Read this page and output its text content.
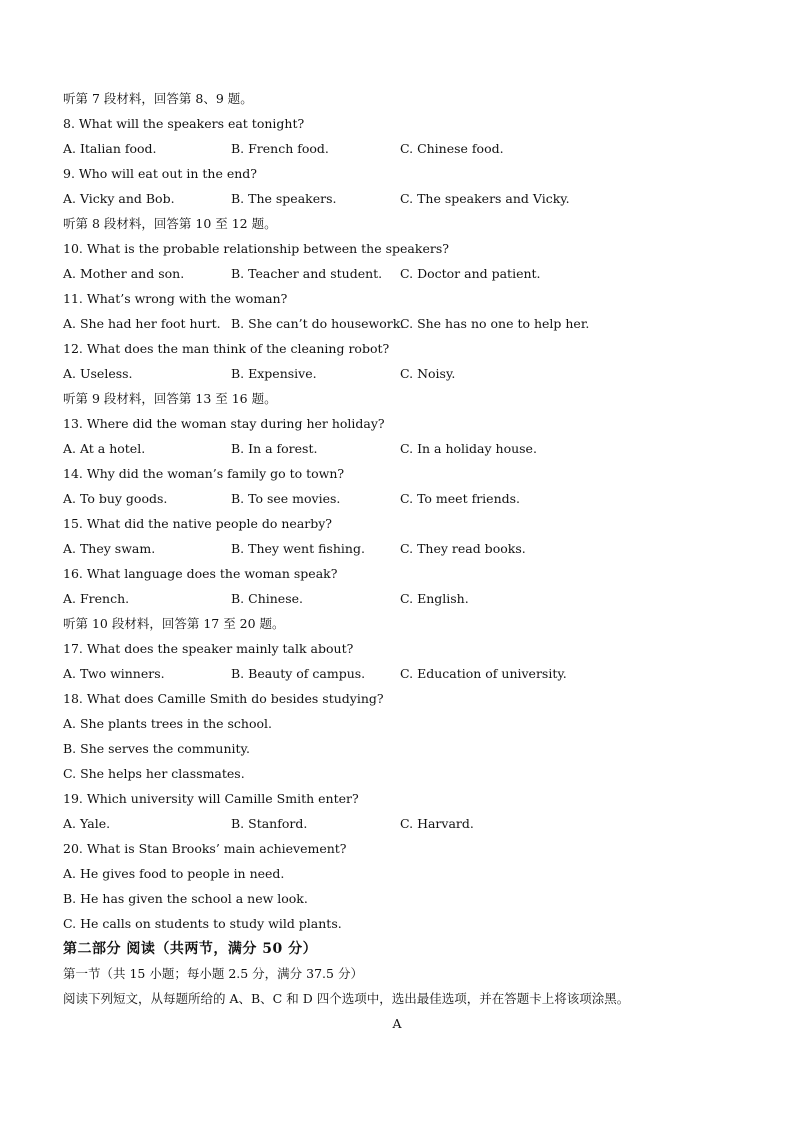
听第 7 段材料，回答第 8、9 题。
8. What will the speakers eat tonight?
A. Italian food.	B. French food.	C. Chinese food.
9. Who will eat out in the end?
A. Vicky and Bob.	B. The speakers.	C. The speakers and Vicky.
听第 8 段材料，回答第 10 至 12 题。
10. What is the probable relationship between the speakers?
A. Mother and son.	B. Teacher and student.	C. Doctor and patient.
11. What’s wrong with the woman?
A. She had her foot hurt. B. She can’t do housework.
C. She has no one to help her.
12. What does the man think of the cleaning robot?
A. Useless.	B. Expensive.	C. Noisy.
听第 9 段材料，回答第 13 至 16 题。
13. Where did the woman stay during her holiday?
A. At a hotel.	B. In a forest.	C. In a holiday house.
14. Why did the woman’s family go to town?
A. To buy goods.	B. To see movies.	C. To meet friends.
15. What did the native people do nearby?
A. They swam.	B. They went fishing.	C. They read books.
16. What language does the woman speak?
A. French.	B. Chinese.	C. English.
听第 10 段材料，回答第 17 至 20 题。
17. What does the speaker mainly talk about?
A. Two winners.	B. Beauty of campus.	C. Education of university.
18. What does Camille Smith do besides studying?
A. She plants trees in the school.
B. She serves the community.
C. She helps her classmates.
19. Which university will Camille Smith enter?
A. Yale.	B. Stanford.	C. Harvard.
20. What is Stan Brooks’ main achievement?
A. He gives food to people in need.
B. He has given the school a new look.
C. He calls on students to study wild plants.
第二部分 阅读（共两节，满分 50 分）
第一节（共 15 小题；每小题 2.5 分，满分 37.5 分）
阅读下列短文，从每题所给的 A、B、C 和 D 四个选项中，选出最佳选项，并在答题卡上将该项涂黑。
A
